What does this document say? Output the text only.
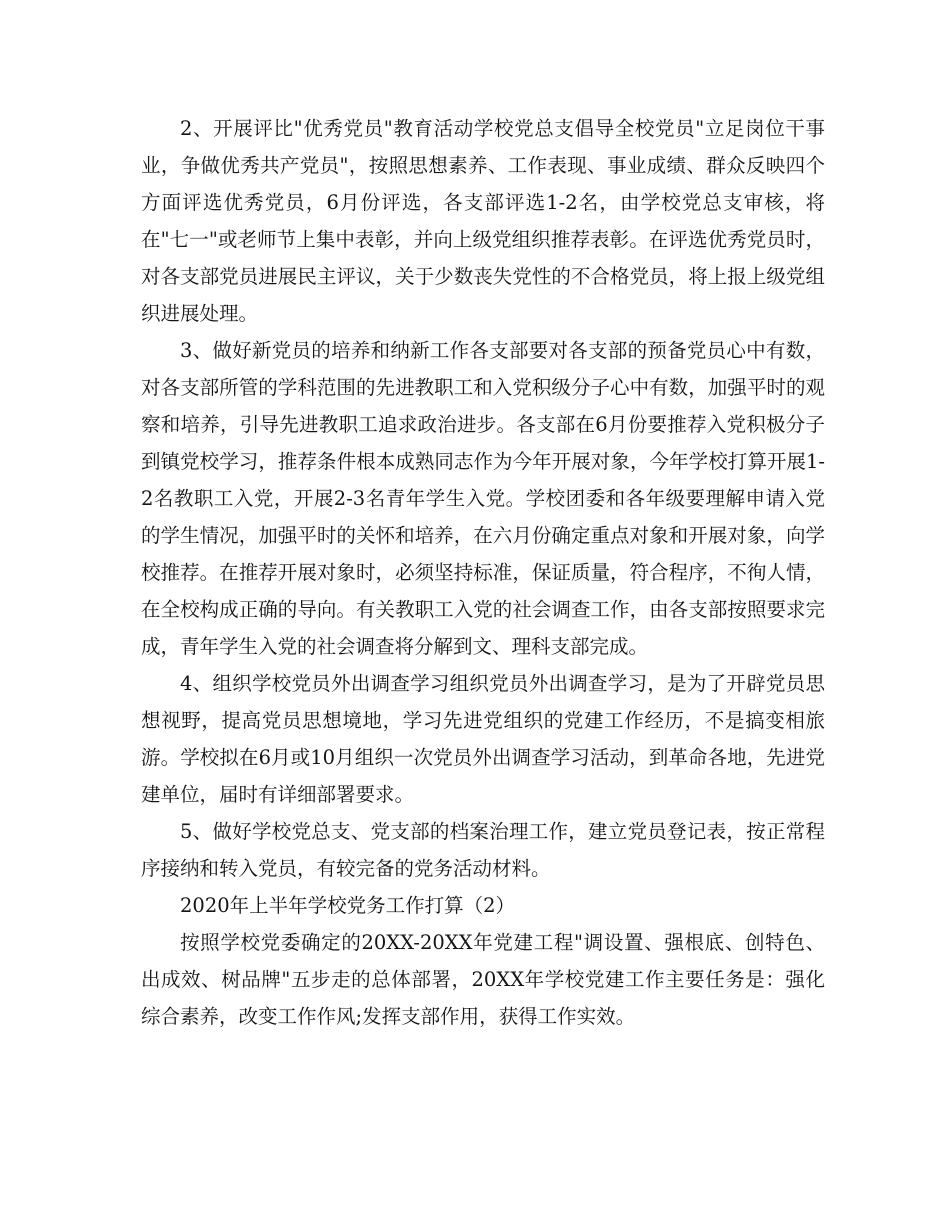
2、开展评比"优秀党员"教育活动学校党总支倡导全校党员"立足岗位干事业，争做优秀共产党员"，按照思想素养、工作表现、事业成绩、群众反映四个方面评选优秀党员，6月份评选，各支部评选1-2名，由学校党总支审核，将在"七一"或老师节上集中表彰，并向上级党组织推荐表彰。在评选优秀党员时，对各支部党员进展民主评议，关于少数丧失党性的不合格党员，将上报上级党组织进展处理。

3、做好新党员的培养和纳新工作各支部要对各支部的预备党员心中有数，对各支部所管的学科范围的先进教职工和入党积级分子心中有数，加强平时的观察和培养，引导先进教职工追求政治进步。各支部在6月份要推荐入党积极分子到镇党校学习，推荐条件根本成熟同志作为今年开展对象，今年学校打算开展1-2名教职工入党，开展2-3名青年学生入党。学校团委和各年级要理解申请入党的学生情况，加强平时的关怀和培养，在六月份确定重点对象和开展对象，向学校推荐。在推荐开展对象时，必须坚持标准，保证质量，符合程序，不徇人情，在全校构成正确的导向。有关教职工入党的社会调查工作，由各支部按照要求完成，青年学生入党的社会调查将分解到文、理科支部完成。

4、组织学校党员外出调查学习组织党员外出调查学习，是为了开辟党员思想视野，提高党员思想境地，学习先进党组织的党建工作经历，不是搞变相旅游。学校拟在6月或10月组织一次党员外出调查学习活动，到革命各地，先进党建单位，届时有详细部署要求。

5、做好学校党总支、党支部的档案治理工作，建立党员登记表，按正常程序接纳和转入党员，有较完备的党务活动材料。

2020年上半年学校党务工作打算（2）

按照学校党委确定的20XX-20XX年党建工程"调设置、强根底、创特色、出成效、树品牌"五步走的总体部署，20XX年学校党建工作主要任务是：强化综合素养，改变工作作风;发挥支部作用，获得工作实效。
